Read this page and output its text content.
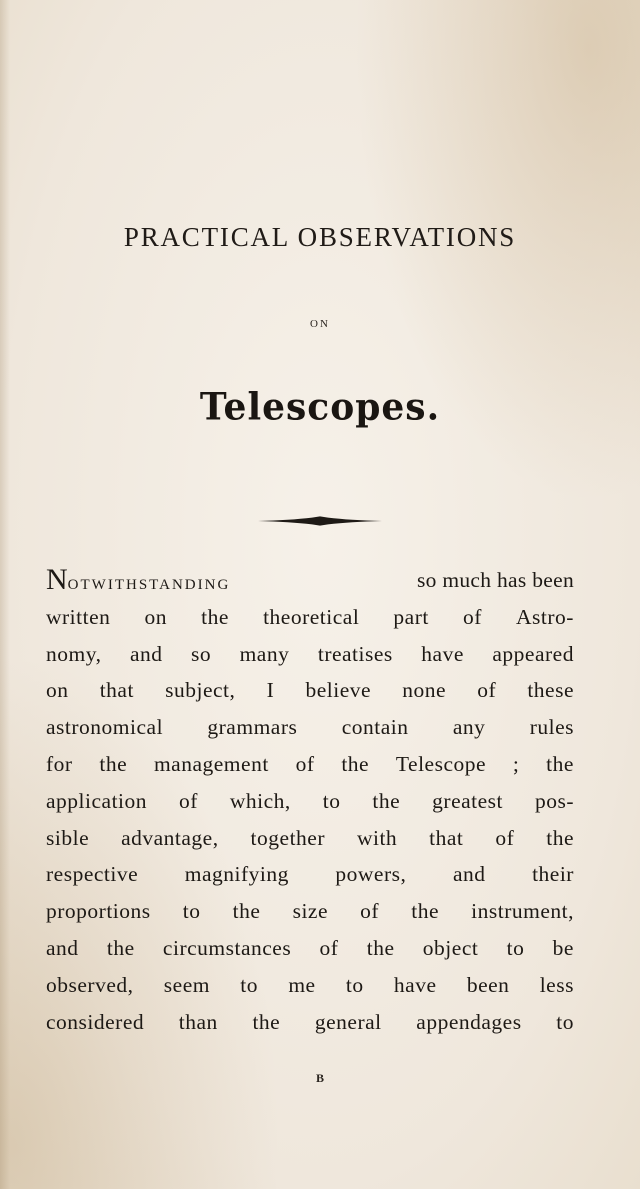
PRACTICAL OBSERVATIONS
ON
Telescopes.
NOTWITHSTANDING	so much has been
written on the theoretical part of Astro-
nomy, and so many treatises have appeared
on that subject, I believe none of these
astronomical grammars contain any rules
for the management of the Telescope ; the
application of which, to the greatest pos-
sible advantage, together with that of the
respective magnifying powers, and their
proportions to the size of the instrument,
and the circumstances of the object to be
observed, seem to me to have been less
considered than the general appendages to
B
